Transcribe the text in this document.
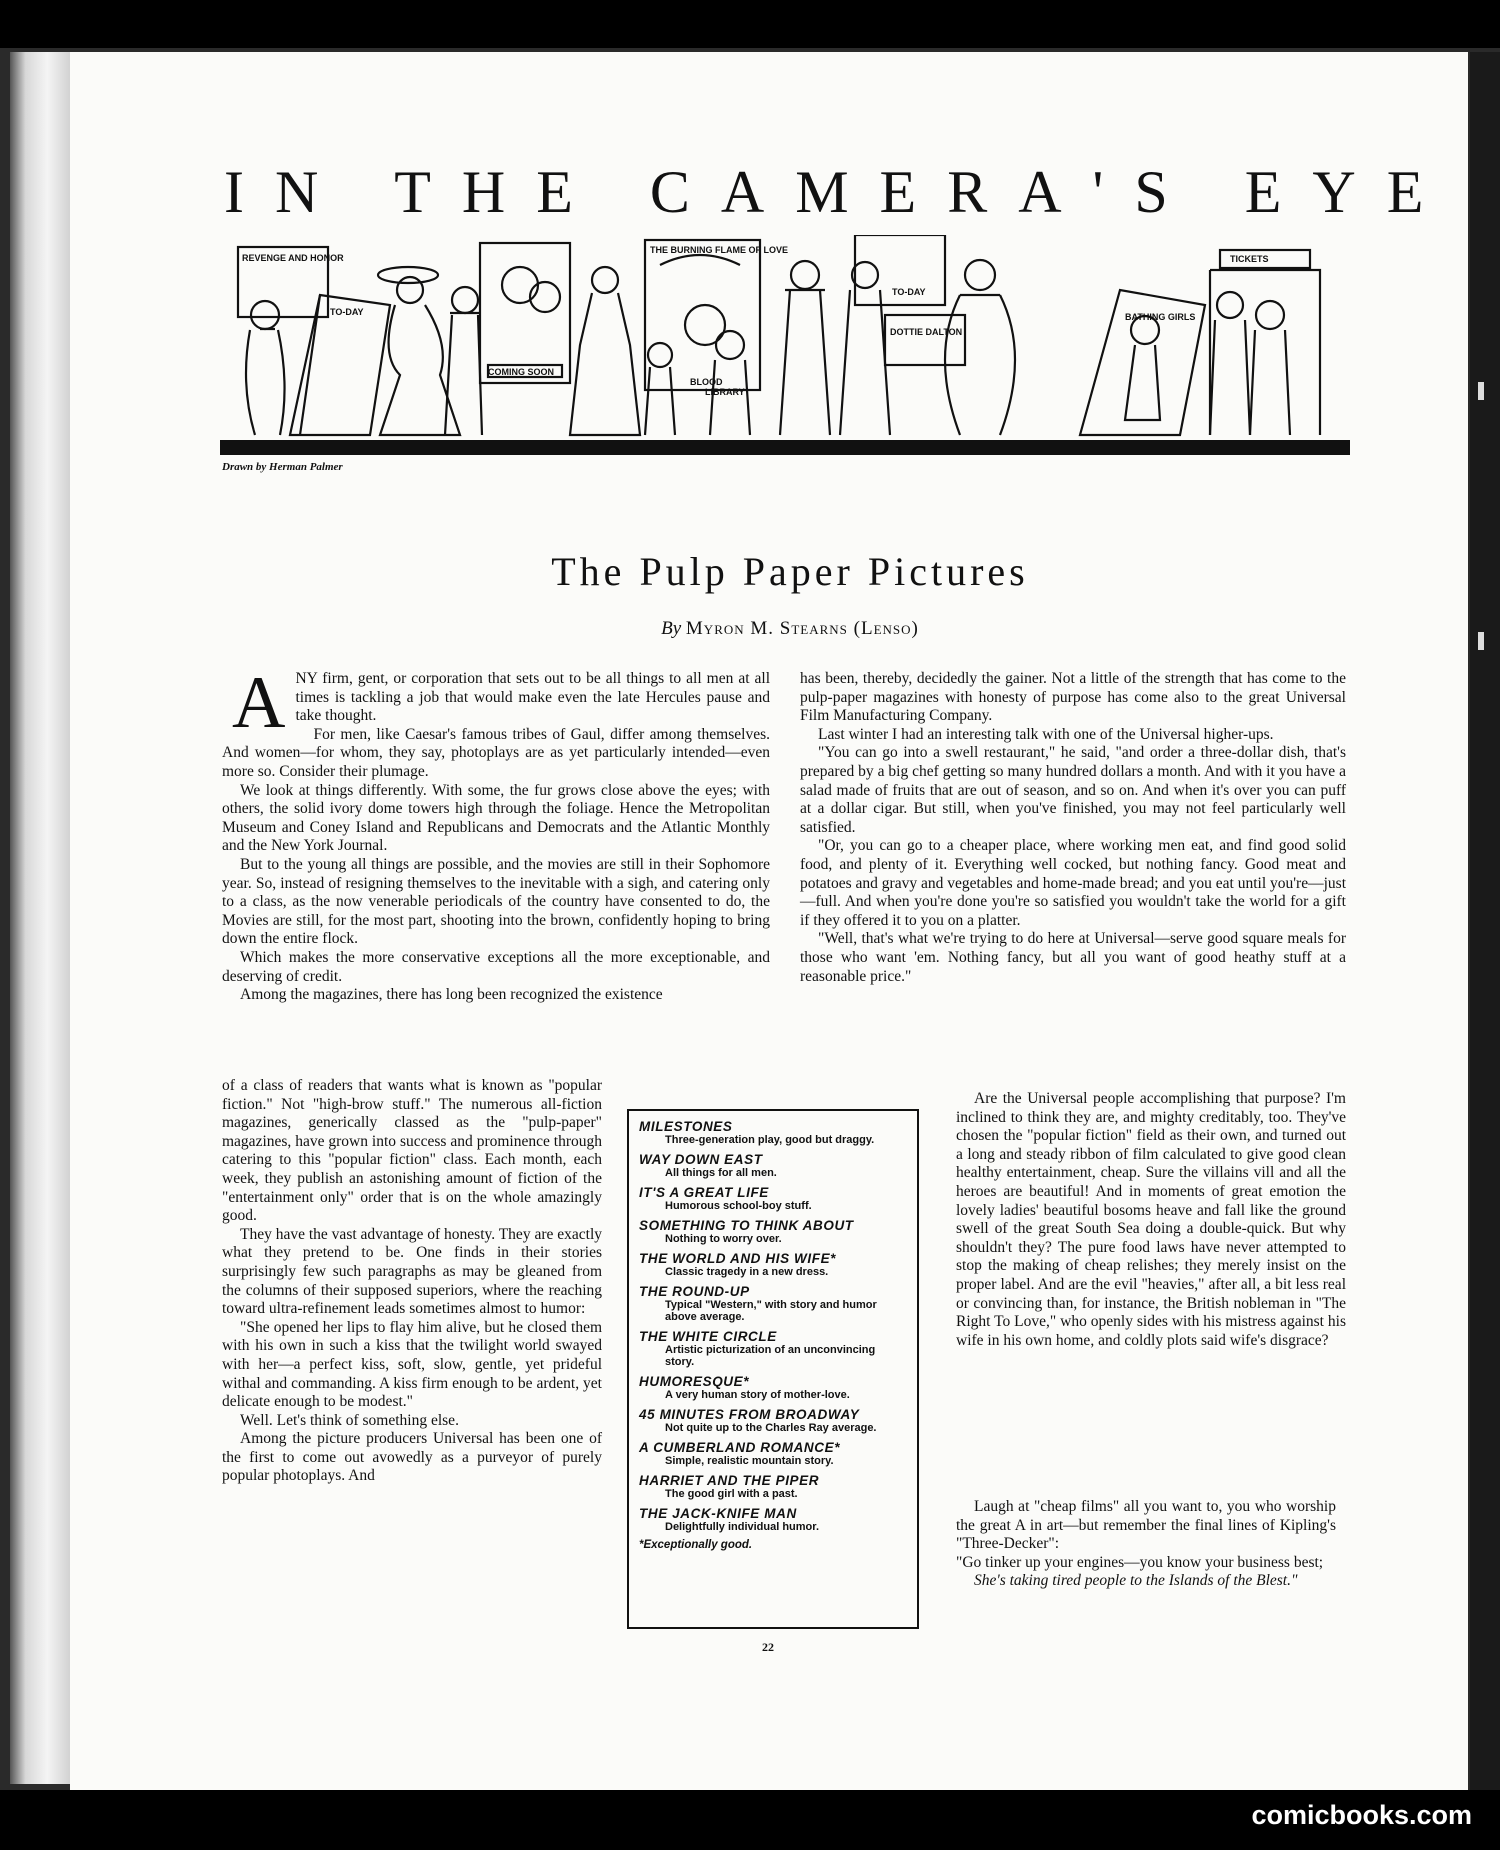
IN THE CAMERA'S EYE
REVENGE AND HONOR
TO-DAY
COMING SOON
THE BURNING FLAME OF LOVE
BLOOD
LIBRARY
TO-DAY
DOTTIE DALTON
TICKETS
BATHING GIRLS
Drawn by Herman Palmer
The Pulp Paper Pictures
By Myron M. Stearns (Lenso)

ANY firm, gent, or corporation that sets out to be all things to all men at all times is tackling a job that would make even the late Hercules pause and take thought.

For men, like Caesar's famous tribes of Gaul, differ among themselves. And women—for whom, they say, photoplays are as yet particularly intended—even more so. Consider their plumage.

We look at things differently. With some, the fur grows close above the eyes; with others, the solid ivory dome towers high through the foliage. Hence the Metropolitan Museum and Coney Island and Republicans and Democrats and the Atlantic Monthly and the New York Journal.

But to the young all things are possible, and the movies are still in their Sophomore year. So, instead of resigning themselves to the inevitable with a sigh, and catering only to a class, as the now venerable periodicals of the country have consented to do, the Movies are still, for the most part, shooting into the brown, confidently hoping to bring down the entire flock.

Which makes the more conservative exceptions all the more exceptionable, and deserving of credit.

Among the magazines, there has long been recognized the existence

of a class of readers that wants what is known as "popular fiction." Not "high-brow stuff." The numerous all-fiction magazines, generically classed as the "pulp-paper" magazines, have grown into success and prominence through catering to this "popular fiction" class. Each month, each week, they publish an astonishing amount of fiction of the "entertainment only" order that is on the whole amazingly good.

They have the vast advantage of honesty. They are exactly what they pretend to be. One finds in their stories surprisingly few such paragraphs as may be gleaned from the columns of their supposed superiors, where the reaching toward ultra-refinement leads sometimes almost to humor:

"She opened her lips to flay him alive, but he closed them with his own in such a kiss that the twilight world swayed with her—a perfect kiss, soft, slow, gentle, yet prideful withal and commanding. A kiss firm enough to be ardent, yet delicate enough to be modest."

Well. Let's think of something else.

Among the picture producers Universal has been one of the first to come out avowedly as a purveyor of purely popular photoplays. And

has been, thereby, decidedly the gainer. Not a little of the strength that has come to the pulp-paper magazines with honesty of purpose has come also to the great Universal Film Manufacturing Company.

Last winter I had an interesting talk with one of the Universal higher-ups.

"You can go into a swell restaurant," he said, "and order a three-dollar dish, that's prepared by a big chef getting so many hundred dollars a month. And with it you have a salad made of fruits that are out of season, and so on. And when it's over you can puff at a dollar cigar. But still, when you've finished, you may not feel particularly well satisfied.

"Or, you can go to a cheaper place, where working men eat, and find good solid food, and plenty of it. Everything well cocked, but nothing fancy. Good meat and potatoes and gravy and vegetables and home-made bread; and you eat until you're—just—full. And when you're done you're so satisfied you wouldn't take the world for a gift if they offered it to you on a platter.

"Well, that's what we're trying to do here at Universal—serve good square meals for those who want 'em. Nothing fancy, but all you want of good heathy stuff at a reasonable price."

Are the Universal people accomplishing that purpose? I'm inclined to think they are, and mighty creditably, too. They've chosen the "popular fiction" field as their own, and turned out a long and steady ribbon of film calculated to give good clean healthy entertainment, cheap. Sure the villains vill and all the heroes are beautiful! And in moments of great emotion the lovely ladies' beautiful bosoms heave and fall like the ground swell of the great South Sea doing a double-quick. But why shouldn't they? The pure food laws have never attempted to stop the making of cheap relishes; they merely insist on the proper label. And are the evil "heavies," after all, a bit less real or convincing than, for instance, the British nobleman in "The Right To Love," who openly sides with his mistress against his wife in his own home, and coldly plots said wife's disgrace?

Laugh at "cheap films" all you want to, you who worship the great A in art—but remember the final lines of Kipling's "Three-Decker":

"Go tinker up your engines—you know your business best;

She's taking tired people to the Islands of the Blest."

MILESTONES
Three-generation play, good but draggy.
WAY DOWN EAST
All things for all men.
IT'S A GREAT LIFE
Humorous school-boy stuff.
SOMETHING TO THINK ABOUT
Nothing to worry over.
THE WORLD AND HIS WIFE*
Classic tragedy in a new dress.
THE ROUND-UP
Typical "Western," with story and humor above average.
THE WHITE CIRCLE
Artistic picturization of an unconvincing story.
HUMORESQUE*
A very human story of mother-love.
45 MINUTES FROM BROADWAY
Not quite up to the Charles Ray average.
A CUMBERLAND ROMANCE*
Simple, realistic mountain story.
HARRIET AND THE PIPER
The good girl with a past.
THE JACK-KNIFE MAN
Delightfully individual humor.
*Exceptionally good.
22
comicbooks.com
